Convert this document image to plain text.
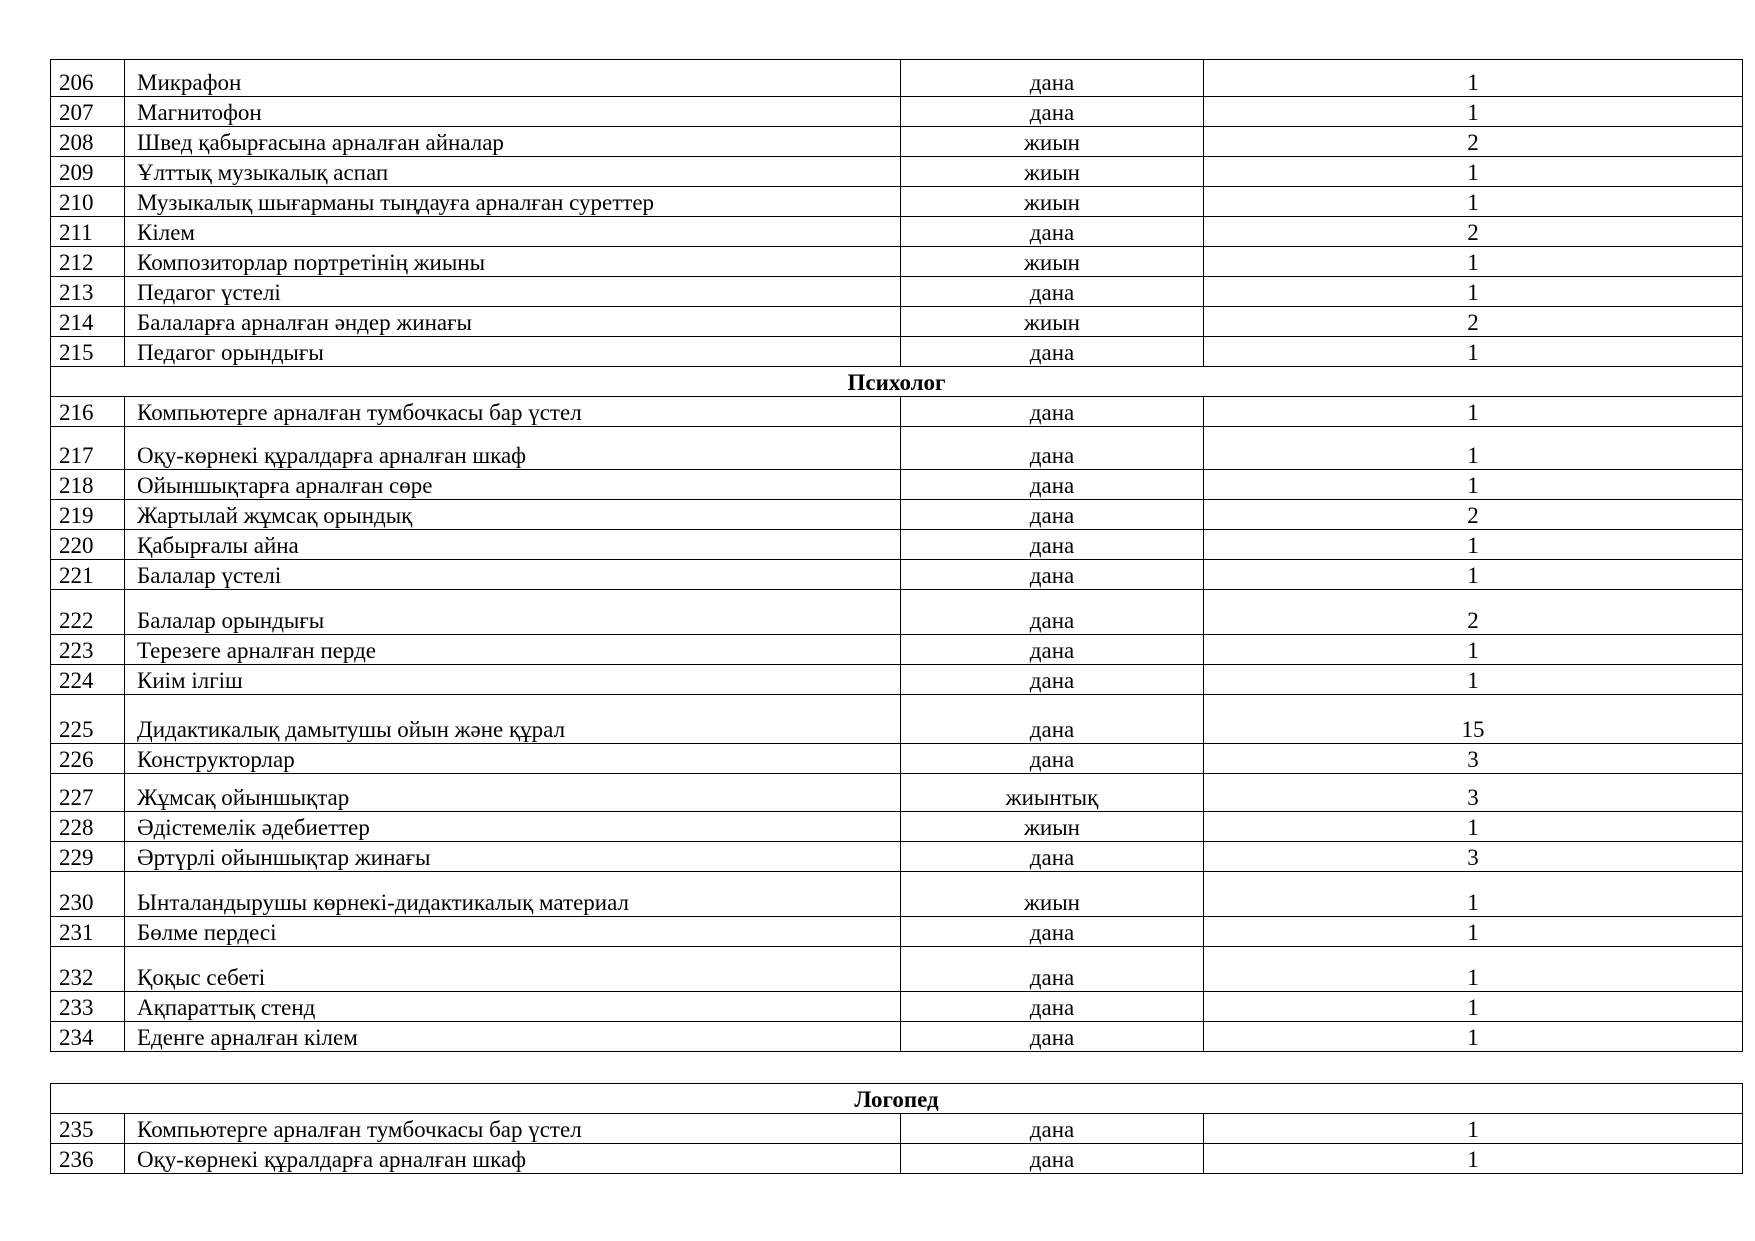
206	Микрафон	дана	1
207	Магнитофон	дана	1
208	Швед қабырғасына арналған айналар	жиын	2
209	Ұлттық музыкалық аспап	жиын	1
210	Музыкалық шығарманы тыңдауға арналған суреттер	жиын	1
211	Кілем	дана	2
212	Композиторлар портретінің жиыны	жиын	1
213	Педагог үстелі	дана	1
214	Балаларға арналған әндер жинағы	жиын	2
215	Педагог орындығы	дана	1
Психолог			
216	Компьютерге арналған тумбочкасы бар үстел	дана	1
217	Оқу-көрнекі құралдарға арналған шкаф	дана	1
218	Ойыншықтарға арналған сөре	дана	1
219	Жартылай жұмсақ орындық	дана	2
220	Қабырғалы айна	дана	1
221	Балалар үстелі	дана	1
222	Балалар орындығы	дана	2
223	Терезеге арналған перде	дана	1
224	Киім ілгіш	дана	1
225	Дидактикалық дамытушы ойын және құрал	дана	15
226	Конструкторлар	дана	3
227	Жұмсақ ойыншықтар	жиынтық	3
228	Әдістемелік әдебиеттер	жиын	1
229	Әртүрлі ойыншықтар жинағы	дана	3
230	Ынталандырушы көрнекі-дидактикалық материал	жиын	1
231	Бөлме пердесі	дана	1
232	Қоқыс себеті	дана	1
233	Ақпараттық стенд	дана	1
234	Еденге арналған кілем	дана	1
Логопед			
235	Компьютерге арналған тумбочкасы бар үстел	дана	1
236	Оқу-көрнекі құралдарға арналған шкаф	дана	1
